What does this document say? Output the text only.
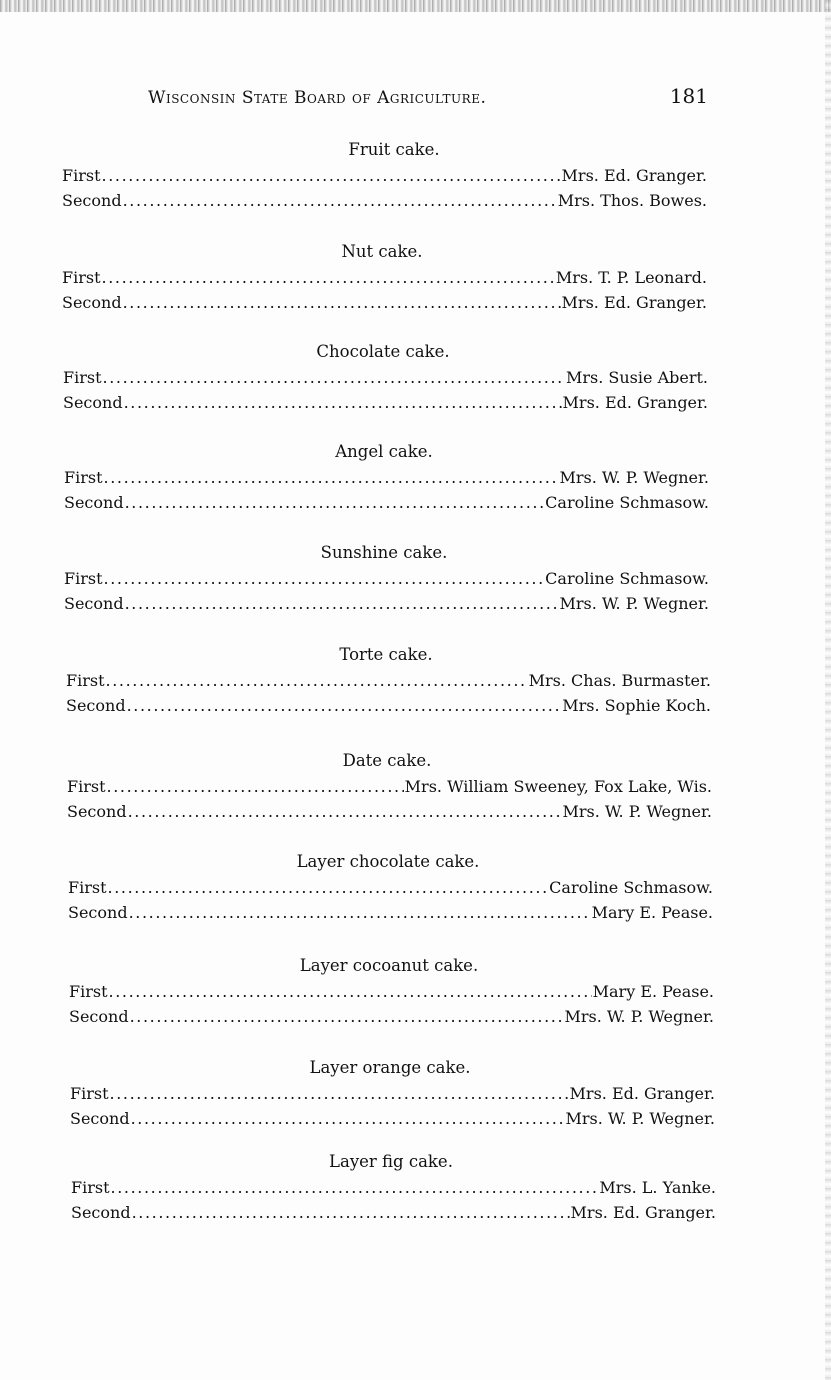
Wisconsin State Board of Agriculture.	181
Fruit cake.
First .....	Mrs. Ed. Granger.
Second .....	Mrs. Thos. Bowes.
Nut cake.
First .....	Mrs. T. P. Leonard.
Second .....	Mrs. Ed. Granger.
Chocolate cake.
First .....	Mrs. Susie Abert.
Second .....	Mrs. Ed. Granger.
Angel cake.
First .....	Mrs. W. P. Wegner.
Second .....	Caroline Schmasow.
Sunshine cake.
First .....	Caroline Schmasow.
Second .....	Mrs. W. P. Wegner.
Torte cake.
First .....	Mrs. Chas. Burmaster.
Second .....	Mrs. Sophie Koch.
Date cake.
First .....	Mrs. William Sweeney, Fox Lake, Wis.
Second .....	Mrs. W. P. Wegner.
Layer chocolate cake.
First .....	Caroline Schmasow.
Second .....	Mary E. Pease.
Layer cocoanut cake.
First .....	Mary E. Pease.
Second .....	Mrs. W. P. Wegner.
Layer orange cake.
First .....	Mrs. Ed. Granger.
Second .....	Mrs. W. P. Wegner.
Layer fig cake.
First .....	Mrs. L. Yanke.
Second .....	Mrs. Ed. Granger.
